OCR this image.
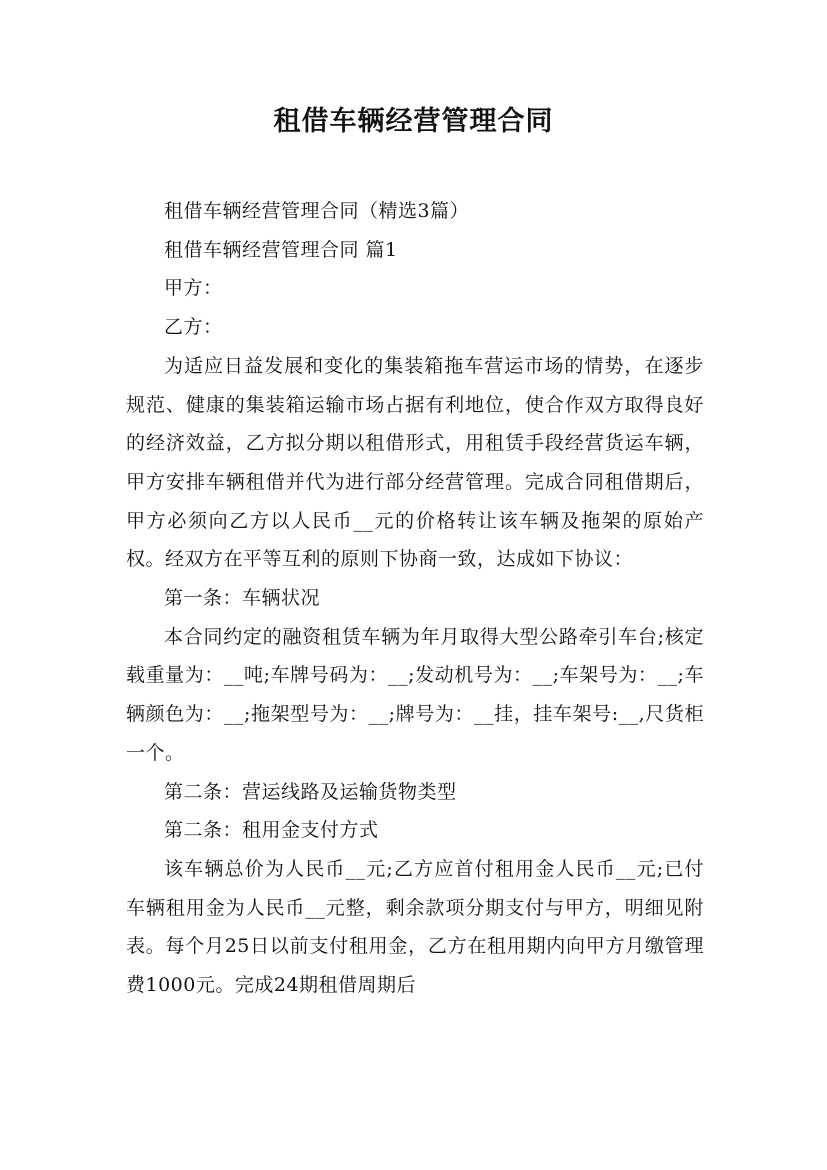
租借车辆经营管理合同

租借车辆经营管理合同（精选3篇）

租借车辆经营管理合同 篇1

甲方：

乙方：

为适应日益发展和变化的集装箱拖车营运市场的情势，在逐步规范、健康的集装箱运输市场占据有利地位，使合作双方取得良好的经济效益，乙方拟分期以租借形式，用租赁手段经营货运车辆，甲方安排车辆租借并代为进行部分经营管理。完成合同租借期后，甲方必须向乙方以人民币__元的价格转让该车辆及拖架的原始产权。经双方在平等互利的原则下协商一致，达成如下协议：

第一条：车辆状况

本合同约定的融资租赁车辆为年月取得大型公路牵引车台;核定载重量为：__吨;车牌号码为：__;发动机号为：__;车架号为：__;车辆颜色为：__;拖架型号为：__;牌号为：__挂，挂车架号:__,尺货柜一个。

第二条：营运线路及运输货物类型

第二条：租用金支付方式

该车辆总价为人民币__元;乙方应首付租用金人民币__元;已付车辆租用金为人民币__元整，剩余款项分期支付与甲方，明细见附表。每个月25日以前支付租用金，乙方在租用期内向甲方月缴管理费1000元。完成24期租借周期后
